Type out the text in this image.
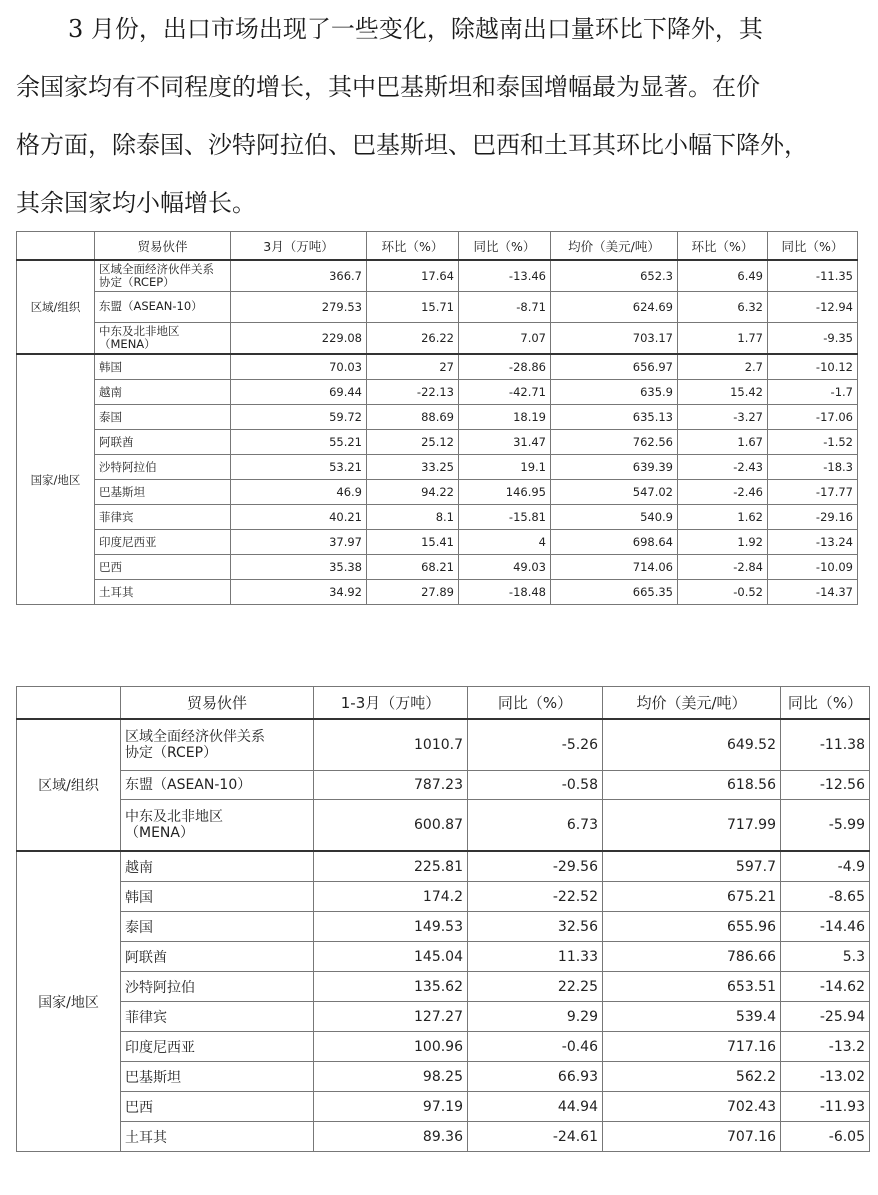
3 月份，出口市场出现了一些变化，除越南出口量环比下降外，其

余国家均有不同程度的增长，其中巴基斯坦和泰国增幅最为显著。在价

格方面，除泰国、沙特阿拉伯、巴基斯坦、巴西和土耳其环比小幅下降外，

其余国家均小幅增长。

	贸易伙伴	3月（万吨）	环比（%）	同比（%）	均价（美元/吨）	环比（%）	同比（%）
区域/组织	区域全面经济伙伴关系
协定（RCEP）	366.7	17.64	-13.46	652.3	6.49	-11.35

	东盟（ASEAN-10）	279.53	15.71	-8.71	624.69	6.32	-12.94

	中东及北非地区
（MENA）	229.08	26.22	7.07	703.17	1.77	-9.35
国家/地区	韩国	70.03	27	-28.86	656.97	2.7	-10.12
	越南	69.44	-22.13	-42.71	635.9	15.42	-1.7
	泰国	59.72	88.69	18.19	635.13	-3.27	-17.06
	阿联酋	55.21	25.12	31.47	762.56	1.67	-1.52
	沙特阿拉伯	53.21	33.25	19.1	639.39	-2.43	-18.3
	巴基斯坦	46.9	94.22	146.95	547.02	-2.46	-17.77
	菲律宾	40.21	8.1	-15.81	540.9	1.62	-29.16
	印度尼西亚	37.97	15.41	4	698.64	1.92	-13.24
	巴西	35.38	68.21	49.03	714.06	-2.84	-10.09
	土耳其	34.92	27.89	-18.48	665.35	-0.52	-14.37
	贸易伙伴	1-3月（万吨）	同比（%）	均价（美元/吨）	同比（%）
区域/组织	区域全面经济伙伴关系
协定（RCEP）	1010.7	-5.26	649.52	-11.38

	东盟（ASEAN-10）	787.23	-0.58	618.56	-12.56

	中东及北非地区
（MENA）	600.87	6.73	717.99	-5.99
国家/地区	越南	225.81	-29.56	597.7	-4.9
	韩国	174.2	-22.52	675.21	-8.65
	泰国	149.53	32.56	655.96	-14.46
	阿联酋	145.04	11.33	786.66	5.3
	沙特阿拉伯	135.62	22.25	653.51	-14.62
	菲律宾	127.27	9.29	539.4	-25.94
	印度尼西亚	100.96	-0.46	717.16	-13.2
	巴基斯坦	98.25	66.93	562.2	-13.02
	巴西	97.19	44.94	702.43	-11.93
	土耳其	89.36	-24.61	707.16	-6.05
